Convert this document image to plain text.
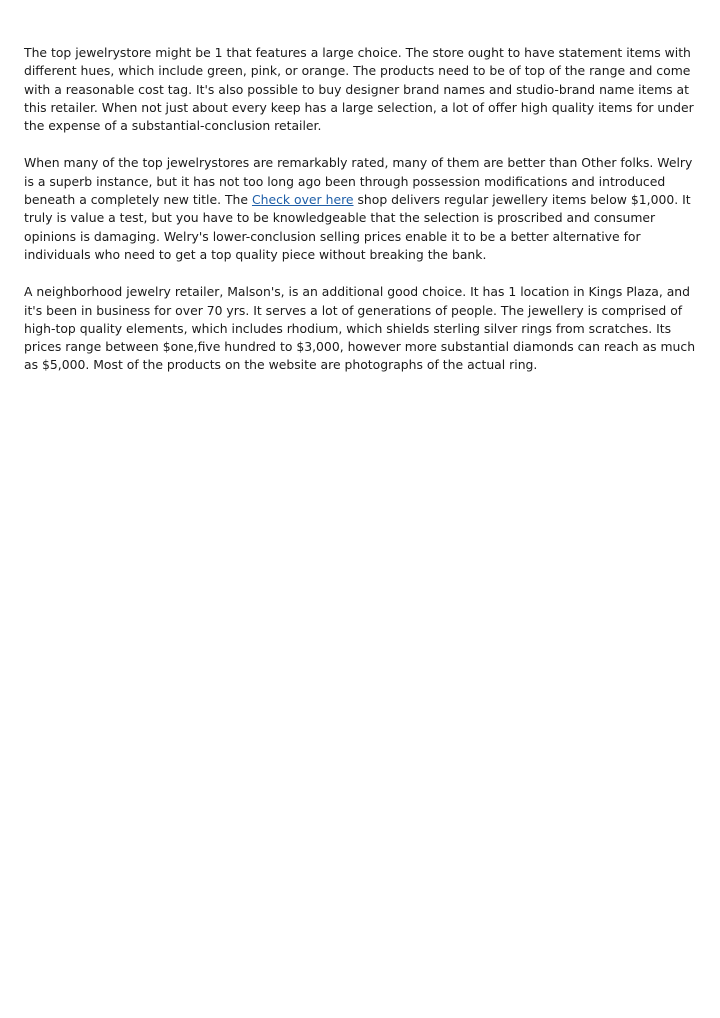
The top jewelrystore might be 1 that features a large choice. The store ought to have statement items with different hues, which include green, pink, or orange. The products need to be of top of the range and come with a reasonable cost tag. It's also possible to buy designer brand names and studio-brand name items at this retailer. When not just about every keep has a large selection, a lot of offer high quality items for under the expense of a substantial-conclusion retailer.

When many of the top jewelrystores are remarkably rated, many of them are better than Other folks. Welry is a superb instance, but it has not too long ago been through possession modifications and introduced beneath a completely new title. The Check over here shop delivers regular jewellery items below $1,000. It truly is value a test, but you have to be knowledgeable that the selection is proscribed and consumer opinions is damaging. Welry's lower-conclusion selling prices enable it to be a better alternative for individuals who need to get a top quality piece without breaking the bank.

A neighborhood jewelry retailer, Malson's, is an additional good choice. It has 1 location in Kings Plaza, and it's been in business for over 70 yrs. It serves a lot of generations of people. The jewellery is comprised of high-top quality elements, which includes rhodium, which shields sterling silver rings from scratches. Its prices range between $one,five hundred to $3,000, however more substantial diamonds can reach as much as $5,000. Most of the products on the website are photographs of the actual ring.
